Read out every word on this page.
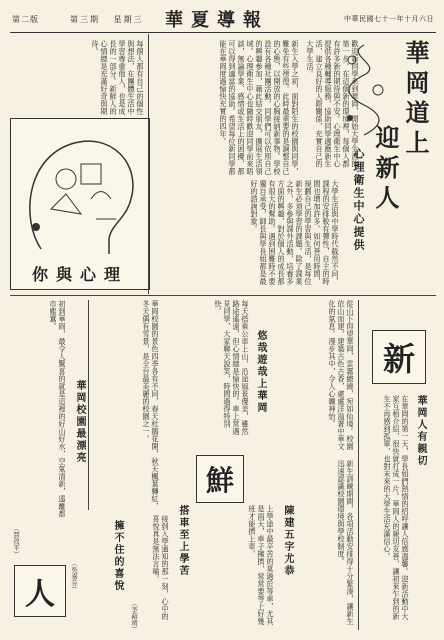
第二版	第三期 星期三 華夏導報	中華民國七十一年十月六日
華岡道上
迎新人
心理衛生中心提供
歡迎新同學來到華岡，開始大學生涯的第一步。在這個新的環境裡，每個人都有許多新的期待與不安。心理衛生中心提供各種輔導服務，協助同學適應新生活，建立良好的人際關係，充實自己的大學生活。
新生入學之初，面對陌生的校園與同學，難免有些徬徨。此時最重要的是調整自己的心態，以開放的心胸接納新事物。學校設有各種社團活動，同學們可以依照自己的興趣參加，藉此結交朋友，擴展生活領域。心理衛生中心也隨時歡迎同學前來晤談，無論學業、感情或生活上的困擾，都可以得到適當的協助。希望每位新同學都能在華岡度過愉快充實的四年。
大學生活與中學時代截然不同，課程的安排較有彈性，自主的時間也增加許多。如何善用時間，規劃自己的學習與生活，是每位新生必須學習的課題。除了課業之外，多參與課外活動，培養多方面的興趣，對於個人的成長都有很大的幫助。遇到困難時不要獨自承受，師長與學長姐都是最好的諮詢對象。
每個人都有自己的個性與想法，在團體生活中學習尊重他人，也是成長的一部分。新鮮人的心情總是充滿好奇與期待。
你與心理
新
華岡人有親切
在華岡的第一天，學長姐們熱情的招呼讓人倍感溫馨。迎新活動中大家互相介紹，很快就打成一片。華岡人的親切友善，讓初來乍到的新生不再感到孤單，也對未來的大學生活充滿信心。
從山下仰望華岡，雲霧繚繞，宛如仙境。校園依山而建，建築古色古香，處處洋溢著中華文化的氣息。漫步其中，令人心曠神怡。
悠哉遊哉上華岡
每天搭乘公車上山，沿途風景優美，雖然路途遙遠，但心情總是愉快的。車上常遇見同學，大家聊天說笑，時間過得特別快。
鮮
陳建五字尤恭	新生訓練期間，各項活動安排得十分緊湊，讓新生迅速認識校園環境與學校制度。
搭車至上學苦	上學途中最辛苦的莫過於等車，尤其是雨天，車子擁擠，常常要等上好幾班才能擠上車。
華岡校園最漂亮	華岡校園的景色四季各有不同，春天杜鵑花開，秋天楓葉轉紅，冬天偶有雪景，是全台最美麗的校園之一。
初到華岡，最令人驚喜的就是這裡的好山好水，空氣清新，遠離都市塵囂。
（賈孜平）	擁不住的喜悅	接到入學通知的那一刻，心中的喜悅真是無法言喻。
（李藉靖）
人
（吳嘉芬）
